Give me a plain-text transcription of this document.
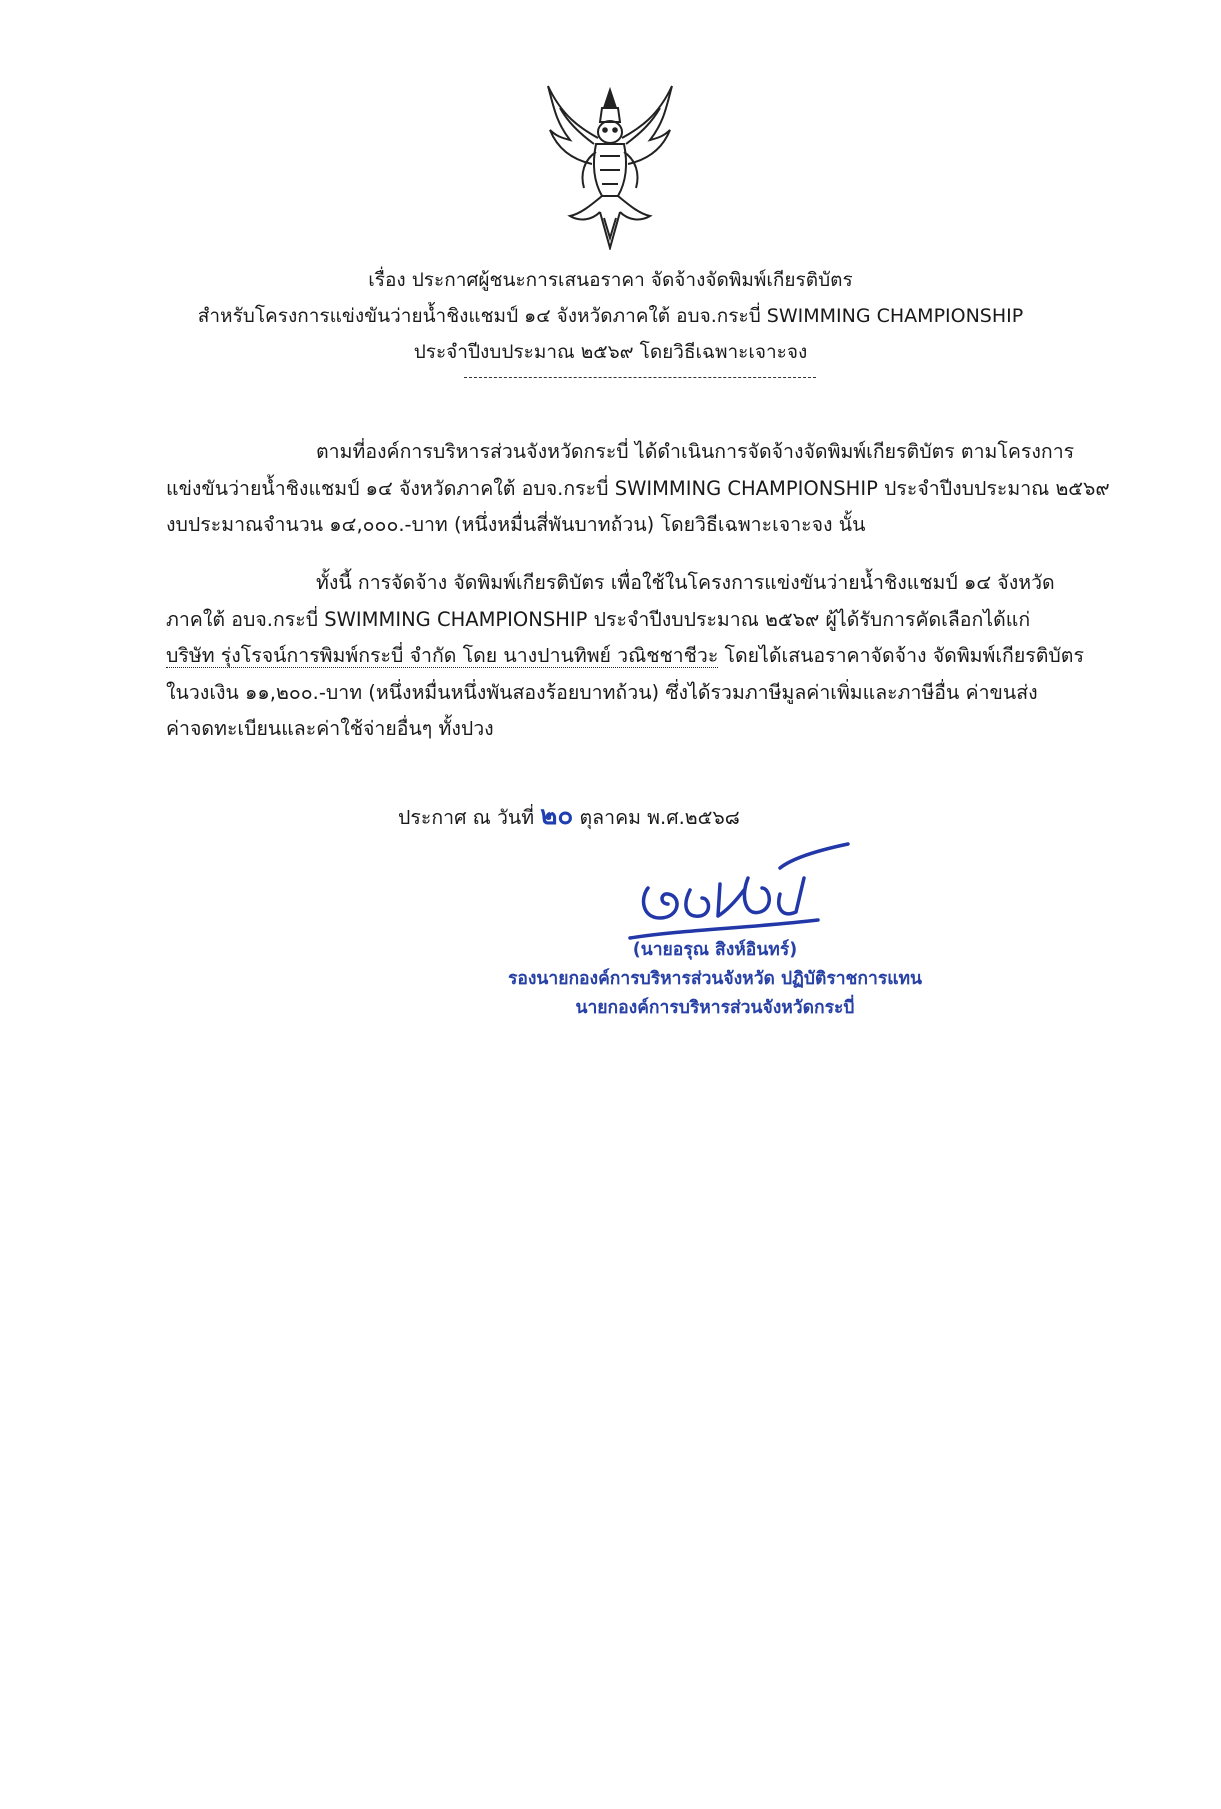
เรื่อง ประกาศผู้ชนะการเสนอราคา จัดจ้างจัดพิมพ์เกียรติบัตร
สำหรับโครงการแข่งขันว่ายน้ำชิงแชมป์ ๑๔ จังหวัดภาคใต้ อบจ.กระบี่ SWIMMING CHAMPIONSHIP
ประจำปีงบประมาณ ๒๕๖๙ โดยวิธีเฉพาะเจาะจง

ตามที่องค์การบริหารส่วนจังหวัดกระบี่ ได้ดำเนินการจัดจ้างจัดพิมพ์เกียรติบัตร ตามโครงการ

แข่งขันว่ายน้ำชิงแชมป์ ๑๔ จังหวัดภาคใต้ อบจ.กระบี่ SWIMMING CHAMPIONSHIP ประจำปีงบประมาณ ๒๕๖๙

งบประมาณจำนวน ๑๔,๐๐๐.-บาท (หนึ่งหมื่นสี่พันบาทถ้วน) โดยวิธีเฉพาะเจาะจง นั้น

ทั้งนี้ การจัดจ้าง จัดพิมพ์เกียรติบัตร เพื่อใช้ในโครงการแข่งขันว่ายน้ำชิงแชมป์ ๑๔ จังหวัด

ภาคใต้ อบจ.กระบี่ SWIMMING CHAMPIONSHIP ประจำปีงบประมาณ ๒๕๖๙ ผู้ได้รับการคัดเลือกได้แก่

บริษัท รุ่งโรจน์การพิมพ์กระบี่ จำกัด โดย นางปานทิพย์ วณิชชาชีวะ โดยได้เสนอราคาจัดจ้าง จัดพิมพ์เกียรติบัตร

ในวงเงิน ๑๑,๒๐๐.-บาท (หนึ่งหมื่นหนึ่งพันสองร้อยบาทถ้วน) ซึ่งได้รวมภาษีมูลค่าเพิ่มและภาษีอื่น ค่าขนส่ง

ค่าจดทะเบียนและค่าใช้จ่ายอื่นๆ ทั้งปวง

ประกาศ ณ วันที่ ๒๐ ตุลาคม พ.ศ.๒๕๖๘
(นายอรุณ สิงห์อินทร์)
รองนายกองค์การบริหารส่วนจังหวัด ปฏิบัติราชการแทน
นายกองค์การบริหารส่วนจังหวัดกระบี่
